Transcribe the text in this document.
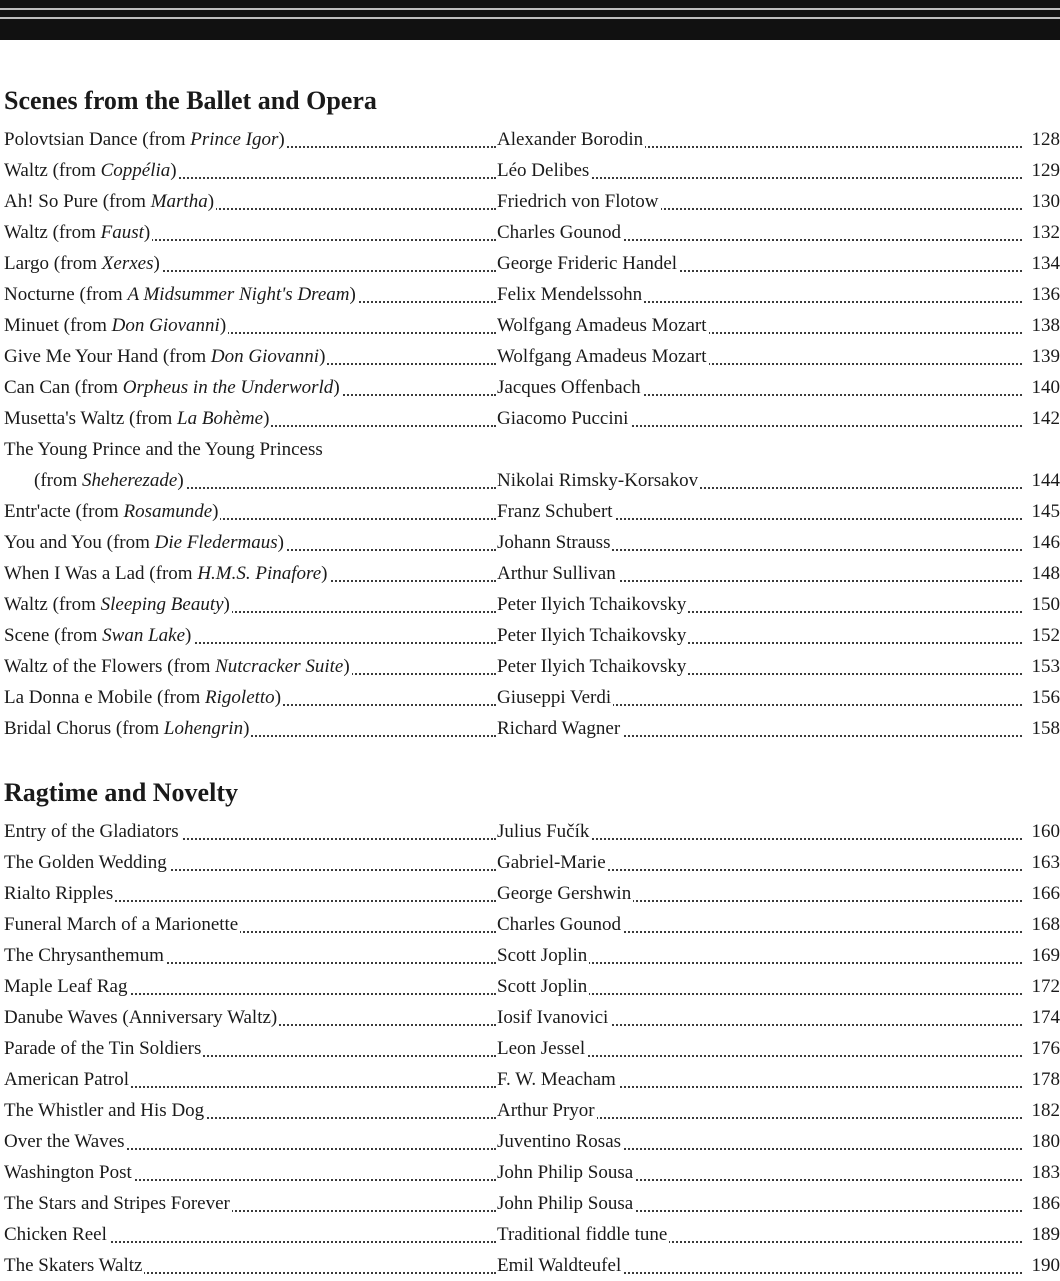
Scenes from the Ballet and Opera
Polovtsian Dance (from Prince Igor)	Alexander Borodin	128
Waltz (from Coppélia)	Léo Delibes	129
Ah! So Pure (from Martha)	Friedrich von Flotow	130
Waltz (from Faust)	Charles Gounod	132
Largo (from Xerxes)	George Frideric Handel	134
Nocturne (from A Midsummer Night's Dream)	Felix Mendelssohn	136
Minuet (from Don Giovanni)	Wolfgang Amadeus Mozart	138
Give Me Your Hand (from Don Giovanni)	Wolfgang Amadeus Mozart	139
Can Can (from Orpheus in the Underworld)	Jacques Offenbach	140
Musetta's Waltz (from La Bohème)	Giacomo Puccini	142
The Young Prince and the Young Princess
(from Sheherezade)	Nikolai Rimsky-Korsakov	144
Entr'acte (from Rosamunde)	Franz Schubert	145
You and You (from Die Fledermaus)	Johann Strauss	146
When I Was a Lad (from H.M.S. Pinafore)	Arthur Sullivan	148
Waltz (from Sleeping Beauty)	Peter Ilyich Tchaikovsky	150
Scene (from Swan Lake)	Peter Ilyich Tchaikovsky	152
Waltz of the Flowers (from Nutcracker Suite)	Peter Ilyich Tchaikovsky	153
La Donna e Mobile (from Rigoletto)	Giuseppi Verdi	156
Bridal Chorus (from Lohengrin)	Richard Wagner	158
Ragtime and Novelty
Entry of the Gladiators	Julius Fučík	160
The Golden Wedding	Gabriel-Marie	163
Rialto Ripples	George Gershwin	166
Funeral March of a Marionette	Charles Gounod	168
The Chrysanthemum	Scott Joplin	169
Maple Leaf Rag	Scott Joplin	172
Danube Waves (Anniversary Waltz)	Iosif Ivanovici	174
Parade of the Tin Soldiers	Leon Jessel	176
American Patrol	F. W. Meacham	178
The Whistler and His Dog	Arthur Pryor	182
Over the Waves	Juventino Rosas	180
Washington Post	John Philip Sousa	183
The Stars and Stripes Forever	John Philip Sousa	186
Chicken Reel	Traditional fiddle tune	189
The Skaters Waltz	Emil Waldteufel	190
